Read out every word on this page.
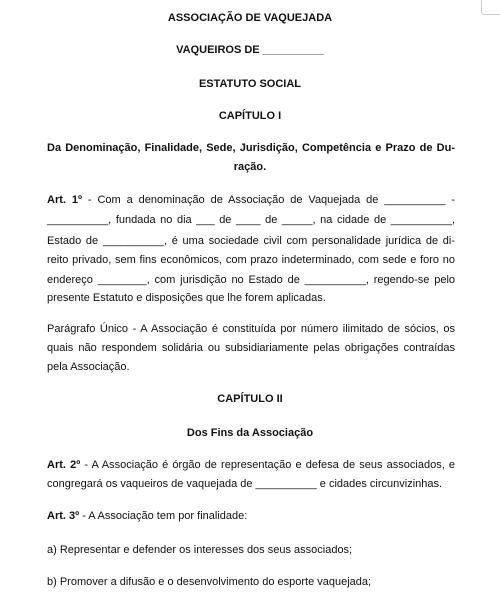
ASSOCIAÇÃO DE VAQUEJADA
VAQUEIROS DE __________
ESTATUTO SOCIAL
CAPÍTULO I
Da Denominação, Finalidade, Sede, Jurisdição, Competência e Prazo de Du-
ração.
Art. 1º - Com a denominação de Associação de Vaquejada de __________ -
__________, fundada no dia ___ de ____ de _____, na cidade de __________,
Estado de __________, é uma sociedade civil com personalidade jurídica de di-
reito privado, sem fins econômicos, com prazo indeterminado, com sede e foro no
endereço ________, com jurisdição no Estado de __________, regendo-se pelo
presente Estatuto e disposições que lhe forem aplicadas.
Parágrafo Único - A Associação é constituída por número ilimitado de sócios, os
quais não respondem solidária ou subsidiariamente pelas obrigações contraídas
pela Associação.
CAPÍTULO II
Dos Fins da Associação
Art. 2º - A Associação é órgão de representação e defesa de seus associados, e
congregará os vaqueiros de vaquejada de __________ e cidades circunvizinhas.
Art. 3º - A Associação tem por finalidade:
a) Representar e defender os interesses dos seus associados;
b) Promover a difusão e o desenvolvimento do esporte vaquejada;
